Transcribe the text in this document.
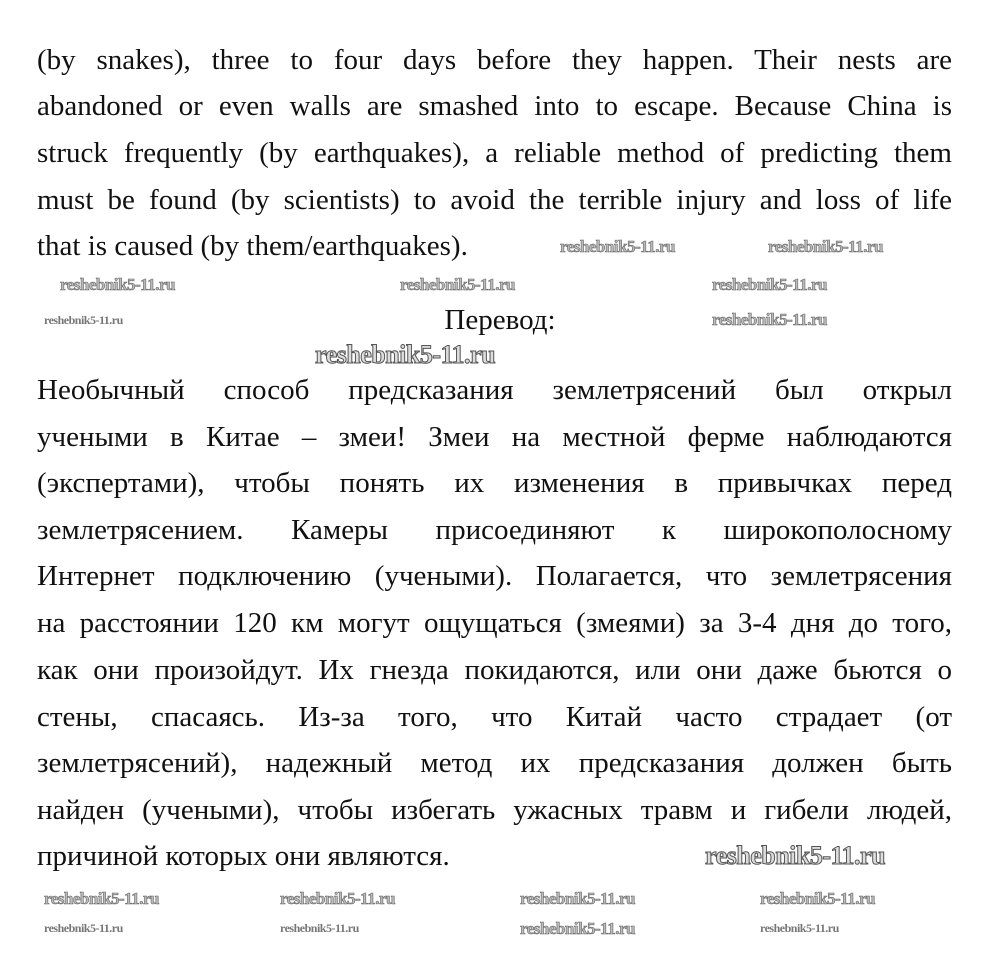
(by snakes), three to four days before they happen. Their nests are
abandoned or even walls are smashed into to escape. Because China is
struck frequently (by earthquakes), a reliable method of predicting them
must be found (by scientists) to avoid the terrible injury and loss of life
that is caused (by them/earthquakes).
Перевод:
Необычный способ предсказания землетрясений был открыл
учеными в Китае – змеи! Змеи на местной ферме наблюдаются
(экспертами), чтобы понять их изменения в привычках перед
землетрясением. Камеры присоединяют к широкополосному
Интернет подключению (учеными). Полагается, что землетрясения
на расстоянии 120 км могут ощущаться (змеями) за 3-4 дня до того,
как они произойдут. Их гнезда покидаются, или они даже бьются о
стены, спасаясь. Из-за того, что Китай часто страдает (от
землетрясений), надежный метод их предсказания должен быть
найден (учеными), чтобы избегать ужасных травм и гибели людей,
причиной которых они являются.
reshebnik5-11.ru	reshebnik5-11.ru
reshebnik5-11.ru	reshebnik5-11.ru	reshebnik5-11.ru
reshebnik5-11.ru	reshebnik5-11.ru
reshebnik5-11.ru
reshebnik5-11.ru
reshebnik5-11.ru	reshebnik5-11.ru	reshebnik5-11.ru	reshebnik5-11.ru
reshebnik5-11.ru	reshebnik5-11.ru	reshebnik5-11.ru	reshebnik5-11.ru
